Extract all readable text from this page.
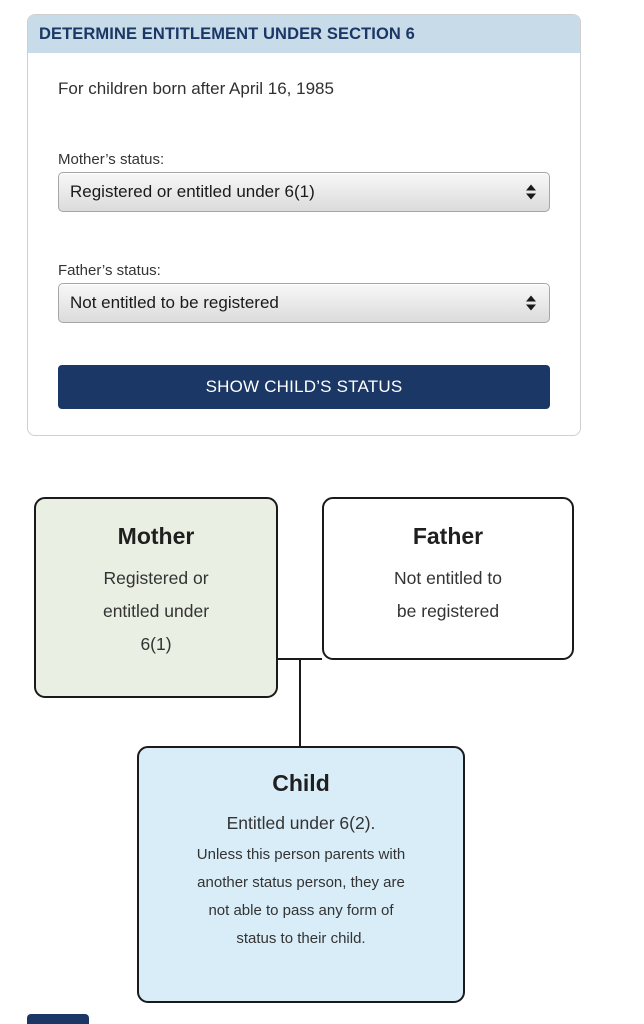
DETERMINE ENTITLEMENT UNDER SECTION 6
For children born after April 16, 1985
Mother’s status:
Registered or entitled under 6(1)
Father’s status:
Not entitled to be registered
SHOW CHILD’S STATUS
Mother
Registered or
entitled under
6(1)
Father
Not entitled to
be registered
Child
Entitled under 6(2).
Unless this person parents with
another status person, they are
not able to pass any form of
status to their child.
